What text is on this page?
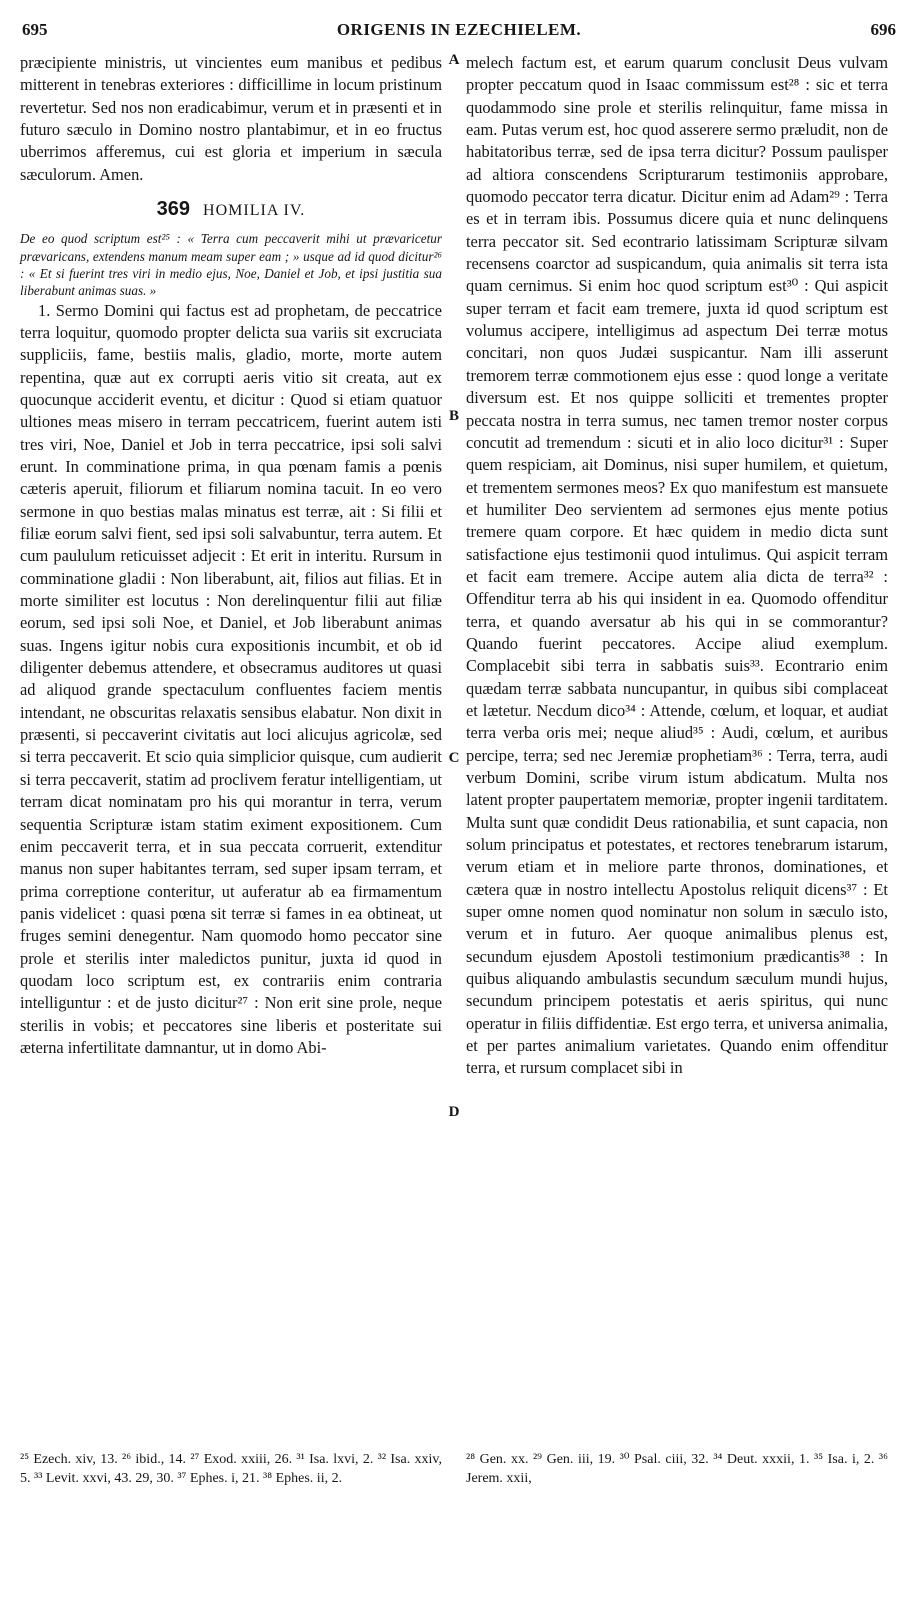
695	ORIGENIS IN EZECHIELEM.	696
A
B
C
D

præcipiente ministris, ut vincientes eum manibus et pedibus mitterent in tenebras exteriores : difficillime in locum pristinum revertetur. Sed nos non eradicabimur, verum et in præsenti et in futuro sæculo in Domino nostro plantabimur, et in eo fructus uberrimos afferemus, cui est gloria et imperium in sæcula sæculorum. Amen.

369 HOMILIA IV.

De eo quod scriptum est²⁵ : « Terra cum peccaverit mihi ut prævaricetur prævaricans, extendens manum meam super eam ; » usque ad id quod dicitur²⁶ : « Et si fuerint tres viri in medio ejus, Noe, Daniel et Job, et ipsi justitia sua liberabunt animas suas. »

1. Sermo Domini qui factus est ad prophetam, de peccatrice terra loquitur, quomodo propter delicta sua variis sit excruciata suppliciis, fame, bestiis malis, gladio, morte, morte autem repentina, quæ aut ex corrupti aeris vitio sit creata, aut ex quocunque acciderit eventu, et dicitur : Quod si etiam quatuor ultiones meas misero in terram peccatricem, fuerint autem isti tres viri, Noe, Daniel et Job in terra peccatrice, ipsi soli salvi erunt. In comminatione prima, in qua pœnam famis a pœnis cæteris aperuit, filiorum et filiarum nomina tacuit. In eo vero sermone in quo bestias malas minatus est terræ, ait : Si filii et filiæ eorum salvi fient, sed ipsi soli salvabuntur, terra autem. Et cum paululum reticuisset adjecit : Et erit in interitu. Rursum in comminatione gladii : Non liberabunt, ait, filios aut filias. Et in morte similiter est locutus : Non derelinquentur filii aut filiæ eorum, sed ipsi soli Noe, et Daniel, et Job liberabunt animas suas. Ingens igitur nobis cura expositionis incumbit, et ob id diligenter debemus attendere, et obsecramus auditores ut quasi ad aliquod grande spectaculum confluentes faciem mentis intendant, ne obscuritas relaxatis sensibus elabatur. Non dixit in præsenti, si peccaverint civitatis aut loci alicujus agricolæ, sed si terra peccaverit. Et scio quia simplicior quisque, cum audierit si terra peccaverit, statim ad proclivem feratur intelligentiam, ut terram dicat nominatam pro his qui morantur in terra, verum sequentia Scripturæ istam statim eximent expositionem. Cum enim peccaverit terra, et in sua peccata corruerit, extenditur manus non super habitantes terram, sed super ipsam terram, et prima correptione conteritur, ut auferatur ab ea firmamentum panis videlicet : quasi pœna sit terræ si fames in ea obtineat, ut fruges semini denegentur. Nam quomodo homo peccator sine prole et sterilis inter maledictos punitur, juxta id quod in quodam loco scriptum est, ex contrariis enim contraria intelliguntur : et de justo dicitur²⁷ : Non erit sine prole, neque sterilis in vobis; et peccatores sine liberis et posteritate sui æterna infertilitate damnantur, ut in domo Abi-

melech factum est, et earum quarum conclusit Deus vulvam propter peccatum quod in Isaac commissum est²⁸ : sic et terra quodammodo sine prole et sterilis relinquitur, fame missa in eam. Putas verum est, hoc quod asserere sermo præludit, non de habitatoribus terræ, sed de ipsa terra dicitur? Possum paulisper ad altiora conscendens Scripturarum testimoniis approbare, quomodo peccator terra dicatur. Dicitur enim ad Adam²⁹ : Terra es et in terram ibis. Possumus dicere quia et nunc delinquens terra peccator sit. Sed econtrario latissimam Scripturæ silvam recensens coarctor ad suspicandum, quia animalis sit terra ista quam cernimus. Si enim hoc quod scriptum est³⁰ : Qui aspicit super terram et facit eam tremere, juxta id quod scriptum est volumus accipere, intelligimus ad aspectum Dei terræ motus concitari, non quos Judæi suspicantur. Nam illi asserunt tremorem terræ commotionem ejus esse : quod longe a veritate diversum est. Et nos quippe solliciti et trementes propter peccata nostra in terra sumus, nec tamen tremor noster corpus concutit ad tremendum : sicuti et in alio loco dicitur³¹ : Super quem respiciam, ait Dominus, nisi super humilem, et quietum, et trementem sermones meos? Ex quo manifestum est mansuete et humiliter Deo servientem ad sermones ejus mente potius tremere quam corpore. Et hæc quidem in medio dicta sunt satisfactione ejus testimonii quod intulimus. Qui aspicit terram et facit eam tremere. Accipe autem alia dicta de terra³² : Offenditur terra ab his qui insident in ea. Quomodo offenditur terra, et quando aversatur ab his qui in se commorantur? Quando fuerint peccatores. Accipe aliud exemplum. Complacebit sibi terra in sabbatis suis³³. Econtrario enim quædam terræ sabbata nuncupantur, in quibus sibi complaceat et lætetur. Necdum dico³⁴ : Attende, cœlum, et loquar, et audiat terra verba oris mei; neque aliud³⁵ : Audi, cœlum, et auribus percipe, terra; sed nec Jeremiæ prophetiam³⁶ : Terra, terra, audi verbum Domini, scribe virum istum abdicatum. Multa nos latent propter paupertatem memoriæ, propter ingenii tarditatem. Multa sunt quæ condidit Deus rationabilia, et sunt capacia, non solum principatus et potestates, et rectores tenebrarum istarum, verum etiam et in meliore parte thronos, dominationes, et cætera quæ in nostro intellectu Apostolus reliquit dicens³⁷ : Et super omne nomen quod nominatur non solum in sæculo isto, verum et in futuro. Aer quoque animalibus plenus est, secundum ejusdem Apostoli testimonium prædicantis³⁸ : In quibus aliquando ambulastis secundum sæculum mundi hujus, secundum principem potestatis et aeris spiritus, qui nunc operatur in filiis diffidentiæ. Est ergo terra, et universa animalia, et per partes animalium varietates. Quando enim offenditur terra, et rursum complacet sibi in

²⁵ Ezech. xiv, 13. ²⁶ ibid., 14. ²⁷ Exod. xxiii, 26. ³¹ Isa. lxvi, 2. ³² Isa. xxiv, 5. ³³ Levit. xxvi, 43. 29, 30. ³⁷ Ephes. i, 21. ³⁸ Ephes. ii, 2.
²⁸ Gen. xx. ²⁹ Gen. iii, 19. ³⁰ Psal. ciii, 32. ³⁴ Deut. xxxii, 1. ³⁵ Isa. i, 2. ³⁶ Jerem. xxii,
